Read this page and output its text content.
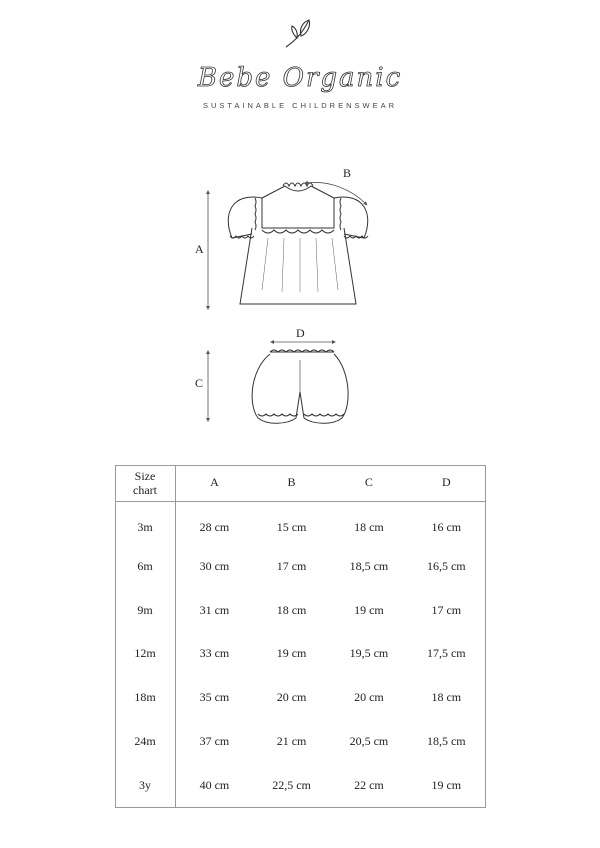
Bebe Organic
SUSTAINABLE CHILDRENSWEAR
A
B
C
D
Size
chart	A	B	C	D
3m	28 cm	15 cm	18 cm	16 cm
6m	30 cm	17 cm	18,5 cm	16,5 cm
9m	31 cm	18 cm	19 cm	17 cm
12m	33 cm	19 cm	19,5 cm	17,5 cm
18m	35 cm	20 cm	20 cm	18 cm
24m	37 cm	21 cm	20,5 cm	18,5 cm
3y	40 cm	22,5 cm	22 cm	19 cm
